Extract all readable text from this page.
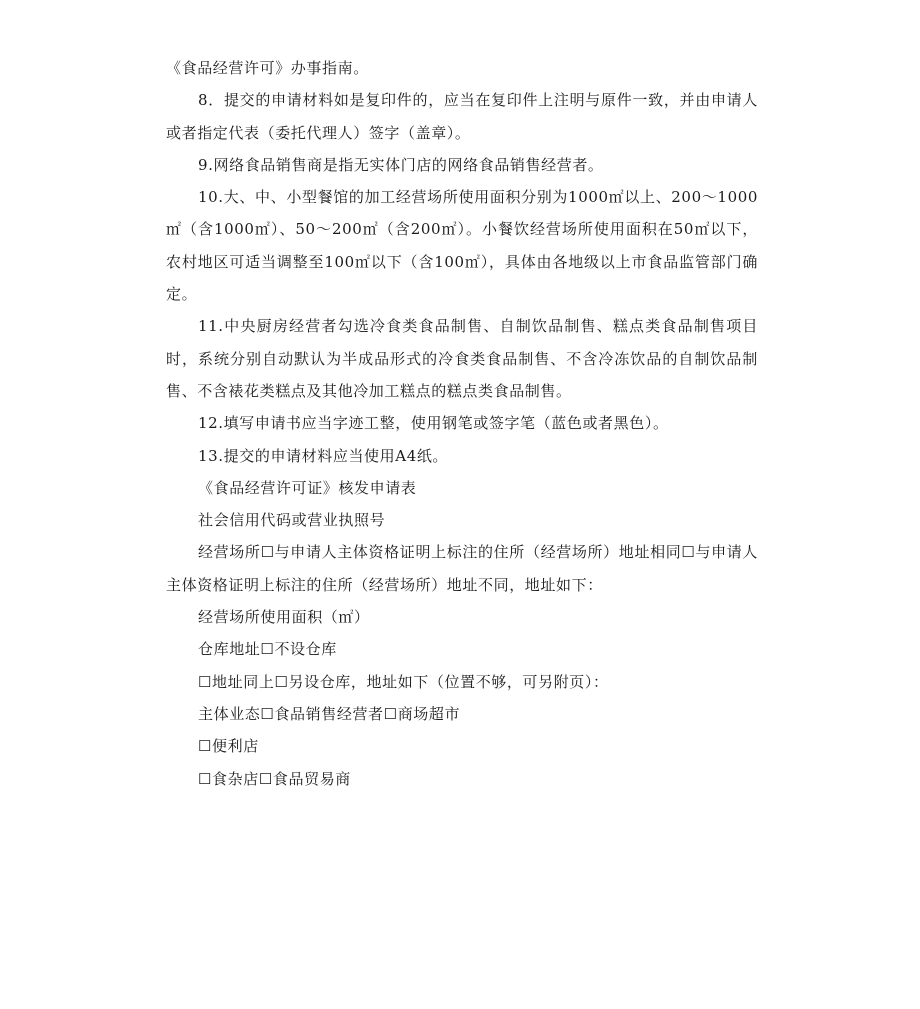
《食品经营许可》办事指南。

8．提交的申请材料如是复印件的，应当在复印件上注明与原件一致，并由申请人或者指定代表（委托代理人）签字（盖章）。

9.网络食品销售商是指无实体门店的网络食品销售经营者。

10.大、中、小型餐馆的加工经营场所使用面积分别为1000㎡以上、200～1000㎡（含1000㎡）、50～200㎡（含200㎡）。小餐饮经营场所使用面积在50㎡以下，农村地区可适当调整至100㎡以下（含100㎡），具体由各地级以上市食品监管部门确定。

11.中央厨房经营者勾选冷食类食品制售、自制饮品制售、糕点类食品制售项目时，系统分别自动默认为半成品形式的冷食类食品制售、不含冷冻饮品的自制饮品制售、不含裱花类糕点及其他冷加工糕点的糕点类食品制售。

12.填写申请书应当字迹工整，使用钢笔或签字笔（蓝色或者黑色）。

13.提交的申请材料应当使用A4纸。

《食品经营许可证》核发申请表

社会信用代码或营业执照号

经营场所☐与申请人主体资格证明上标注的住所（经营场所）地址相同☐与申请人主体资格证明上标注的住所（经营场所）地址不同，地址如下：

经营场所使用面积（㎡）

仓库地址☐不设仓库

☐地址同上☐另设仓库，地址如下（位置不够，可另附页）：

主体业态☐食品销售经营者☐商场超市

☐便利店

☐食杂店☐食品贸易商
